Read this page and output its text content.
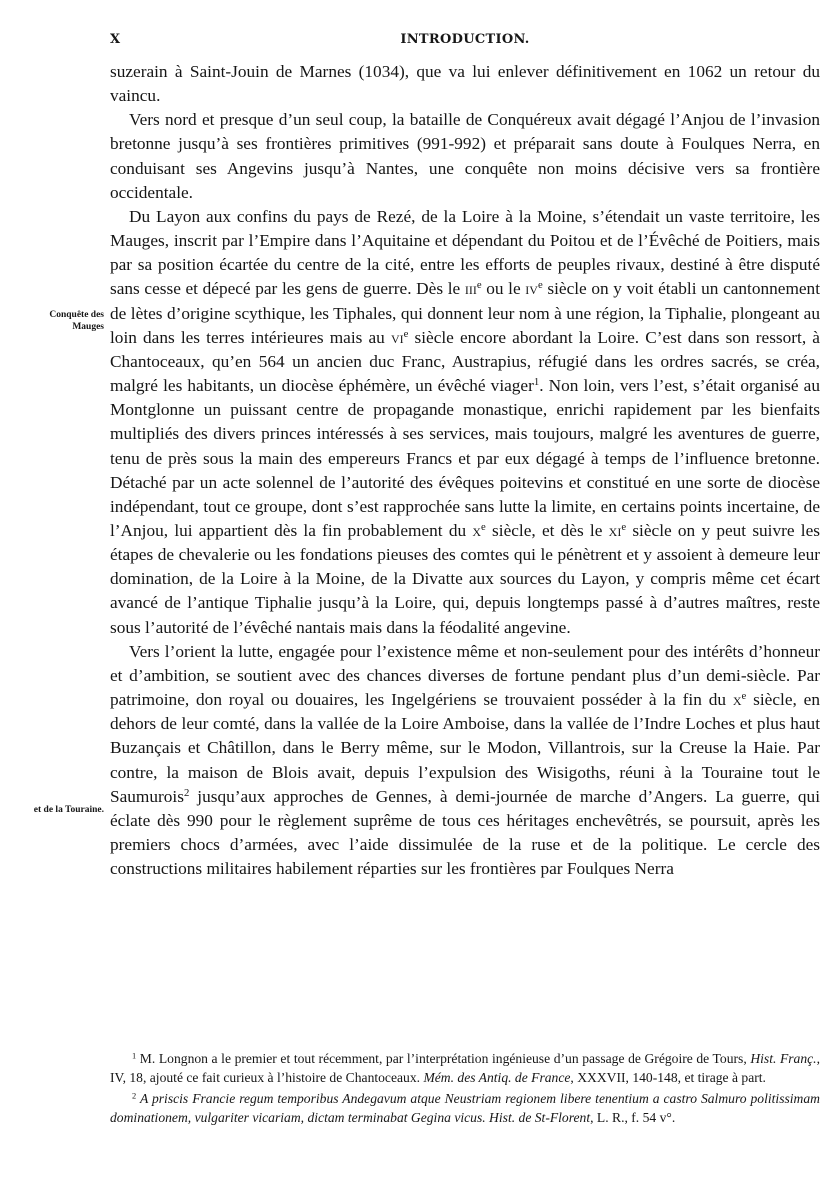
X	INTRODUCTION.
Conquête des Mauges
et de la Touraine.

suzerain à Saint-Jouin de Marnes (1034), que va lui enlever définitivement en 1062 un retour du vaincu.

Vers nord et presque d’un seul coup, la bataille de Conquéreux avait dégagé l’Anjou de l’invasion bretonne jusqu’à ses frontières primitives (991-992) et préparait sans doute à Foulques Nerra, en conduisant ses Angevins jusqu’à Nantes, une conquête non moins décisive vers sa frontière occidentale.

Du Layon aux confins du pays de Rezé, de la Loire à la Moine, s’étendait un vaste territoire, les Mauges, inscrit par l’Empire dans l’Aquitaine et dépendant du Poitou et de l’Évêché de Poitiers, mais par sa position écartée du centre de la cité, entre les efforts de peuples rivaux, destiné à être disputé sans cesse et dépecé par les gens de guerre. Dès le iii$^e$ ou le $iv^e$ siècle on y voit établi un cantonnement de lètes d’origine scythique, les Tiphales, qui donnent leur nom à une région, la Tiphalie, plongeant au loin dans les terres intérieures mais au $vi^e$ siècle encore abordant la Loire. C’est dans son ressort, à Chantoceaux, qu’en 564 un ancien duc Franc, Austrapius, réfugié dans les ordres sacrés, se créa, malgré les habitants, un diocèse éphémère, un évêché viager$^1$. Non loin, vers l’est, s’était organisé au Montglonne un puissant centre de propagande monastique, enrichi rapidement par les bienfaits multipliés des divers princes intéressés à ses services, mais toujours, malgré les aventures de guerre, tenu de près sous la main des empereurs Francs et par eux dégagé à temps de l’influence bretonne. Détaché par un acte solennel de l’autorité des évêques poitevins et constitué en une sorte de diocèse indépendant, tout ce groupe, dont s’est rapprochée sans lutte la limite, en certains points incertaine, de l’Anjou, lui appartient dès la fin probablement du $x^e$ siècle, et dès le $xi^e$ siècle on y peut suivre les étapes de chevalerie ou les fondations pieuses des comtes qui le pénètrent et y assoient à demeure leur domination, de la Loire à la Moine, de la Divatte aux sources du Layon, y compris même cet écart avancé de l’antique Tiphalie jusqu’à la Loire, qui, depuis longtemps passé à d’autres maîtres, reste sous l’autorité de l’évêché nantais mais dans la féodalité angevine.

Vers l’orient la lutte, engagée pour l’existence même et non-seulement pour des intérêts d’honneur et d’ambition, se soutient avec des chances diverses de fortune pendant plus d’un demi-siècle. Par patrimoine, don royal ou douaires, les Ingelgériens se trouvaient posséder à la fin du $x^e$ siècle, en dehors de leur comté, dans la vallée de la Loire Amboise, dans la vallée de l’Indre Loches et plus haut Buzançais et Châtillon, dans le Berry même, sur le Modon, Villantrois, sur la Creuse la Haie. Par contre, la maison de Blois avait, depuis l’expulsion des Wisigoths, réuni à la Touraine tout le Saumurois$^2$ jusqu’aux approches de Gennes, à demi-journée de marche d’Angers. La guerre, qui éclate dès 990 pour le règlement suprême de tous ces héritages enchevêtrés, se poursuit, après les premiers chocs d’armées, avec l’aide dissimulée de la ruse et de la politique. Le cercle des constructions militaires habilement réparties sur les frontières par Foulques Nerra

$^1$ M. Longnon a le premier et tout récemment, par l’interprétation ingénieuse d’un passage de Grégoire de Tours, Hist. Franç., IV, 18, ajouté ce fait curieux à l’histoire de Chantoceaux. Mém. des Antiq. de France, XXXVII, 140-148, et tirage à part.

$^2$ A priscis Francie regum temporibus Andegavum atque Neustriam regionem libere tenentium a castro Salmuro politissimam dominationem, vulgariter vicariam, dictam terminabat Gegina vicus. Hist. de St-Florent, L. R., f. 54 v°.
